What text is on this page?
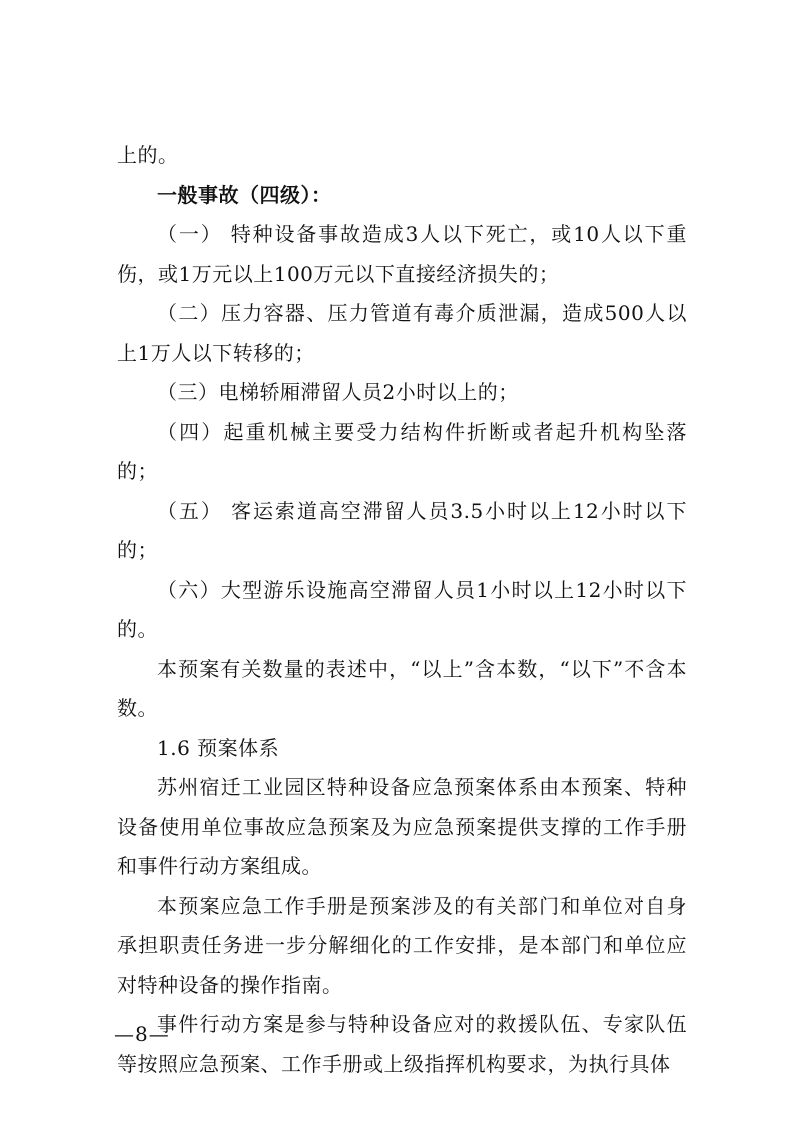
上的。

一般事故（四级）：

（一） 特种设备事故造成3人以下死亡，或10人以下重伤，或1万元以上100万元以下直接经济损失的；

（二）压力容器、压力管道有毒介质泄漏，造成500人以上1万人以下转移的；

（三）电梯轿厢滞留人员2小时以上的；

（四）起重机械主要受力结构件折断或者起升机构坠落的；

（五） 客运索道高空滞留人员3.5小时以上12小时以下的；

（六）大型游乐设施高空滞留人员1小时以上12小时以下的。

本预案有关数量的表述中，“以上”含本数，“以下”不含本数。

1.6 预案体系

苏州宿迁工业园区特种设备应急预案体系由本预案、特种设备使用单位事故应急预案及为应急预案提供支撑的工作手册和事件行动方案组成。

本预案应急工作手册是预案涉及的有关部门和单位对自身承担职责任务进一步分解细化的工作安排，是本部门和单位应对特种设备的操作指南。

事件行动方案是参与特种设备应对的救援队伍、专家队伍等按照应急预案、工作手册或上级指挥机构要求，为执行具体

—8—
